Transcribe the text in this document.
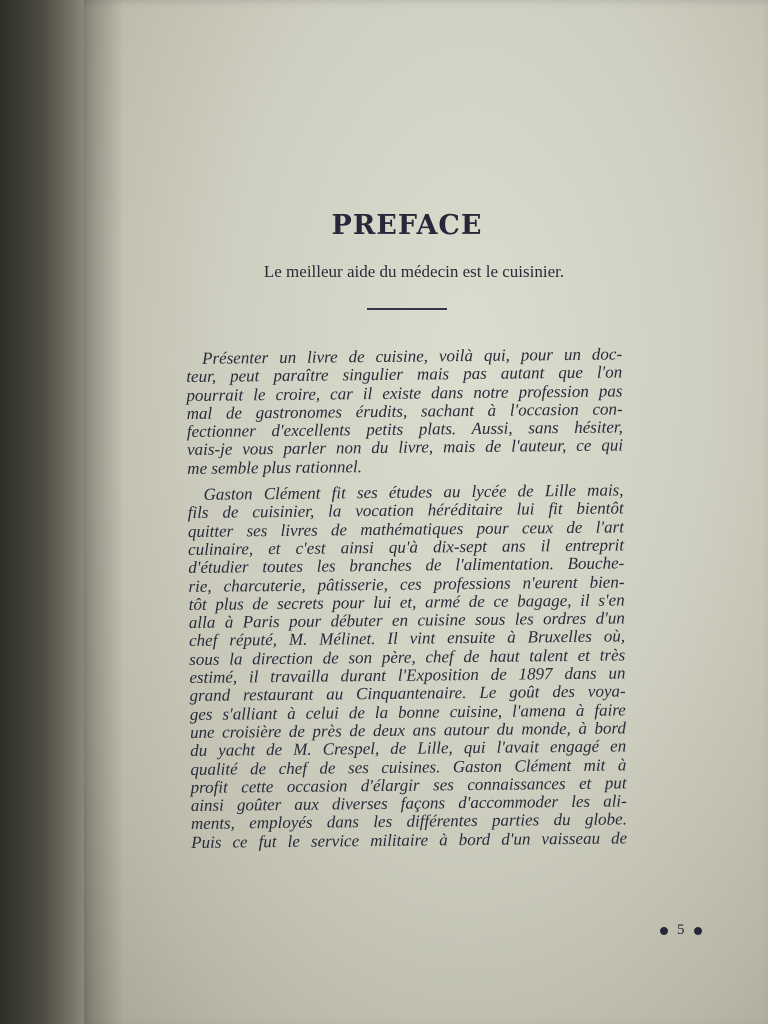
PREFACE

Le meilleur aide du médecin est le cuisinier.

Présenter un livre de cuisine, voilà qui, pour un doc-
teur, peut paraître singulier mais pas autant que l'on
pourrait le croire, car il existe dans notre profession pas
mal de gastronomes érudits, sachant à l'occasion con-
fectionner d'excellents petits plats. Aussi, sans hésiter,
vais-je vous parler non du livre, mais de l'auteur, ce qui
me semble plus rationnel.
Gaston Clément fit ses études au lycée de Lille mais,
fils de cuisinier, la vocation héréditaire lui fit bientôt
quitter ses livres de mathématiques pour ceux de l'art
culinaire, et c'est ainsi qu'à dix-sept ans il entreprit
d'étudier toutes les branches de l'alimentation. Bouche-
rie, charcuterie, pâtisserie, ces professions n'eurent bien-
tôt plus de secrets pour lui et, armé de ce bagage, il s'en
alla à Paris pour débuter en cuisine sous les ordres d'un
chef réputé, M. Mélinet. Il vint ensuite à Bruxelles où,
sous la direction de son père, chef de haut talent et très
estimé, il travailla durant l'Exposition de 1897 dans un
grand restaurant au Cinquantenaire. Le goût des voya-
ges s'alliant à celui de la bonne cuisine, l'amena à faire
une croisière de près de deux ans autour du monde, à bord
du yacht de M. Crespel, de Lille, qui l'avait engagé en
qualité de chef de ses cuisines. Gaston Clément mit à
profit cette occasion d'élargir ses connaissances et put
ainsi goûter aux diverses façons d'accommoder les ali-
ments, employés dans les différentes parties du globe.
Puis ce fut le service militaire à bord d'un vaisseau de
5
